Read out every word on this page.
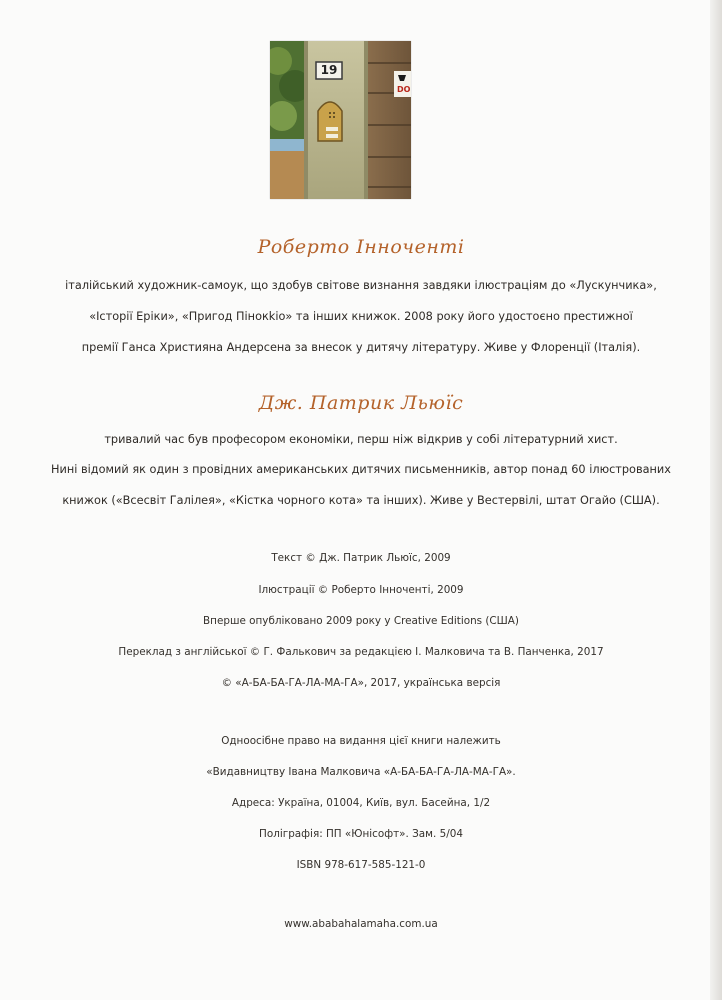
19
DO
Роберто Інноченті

італійський художник-самоук, що здобув світове визнання завдяки ілюстраціям до «Лускунчика»,

«Історії Еріки», «Пригод Пінокkіо» та інших книжок. 2008 року його удостоєно престижної

премії Ганса Християна Андерсена за внесок у дитячу літературу. Живе у Флоренції (Італія).

Дж. Патрик Льюїс

тривалий час був професором економіки, перш ніж відкрив у собі літературний хист.

Нині відомий як один з провідних американських дитячих письменників, автор понад 60 ілюстрованих

книжок («Всесвіт Галілея», «Кістка чорного кота» та інших). Живе у Вестервілі, штат Огайо (США).

Текст © Дж. Патрик Льюїс, 2009

Ілюстрації © Роберто Інноченті, 2009

Вперше опубліковано 2009 року у Creative Editions (США)

Переклад з англійської © Г. Фалькович за редакцією І. Малковича та В. Панченка, 2017

© «А-БА-БА-ГА-ЛА-МА-ГА», 2017, українська версія

Одноосібне право на видання цієї книги належить

«Видавництву Івана Малковича «А-БА-БА-ГА-ЛА-МА-ГА».

Адреса: Україна, 01004, Київ, вул. Басейна, 1/2

Поліграфія: ПП «Юнісофт». Зам. 5/04

ISBN 978-617-585-121-0

www.ababahalamaha.com.ua
